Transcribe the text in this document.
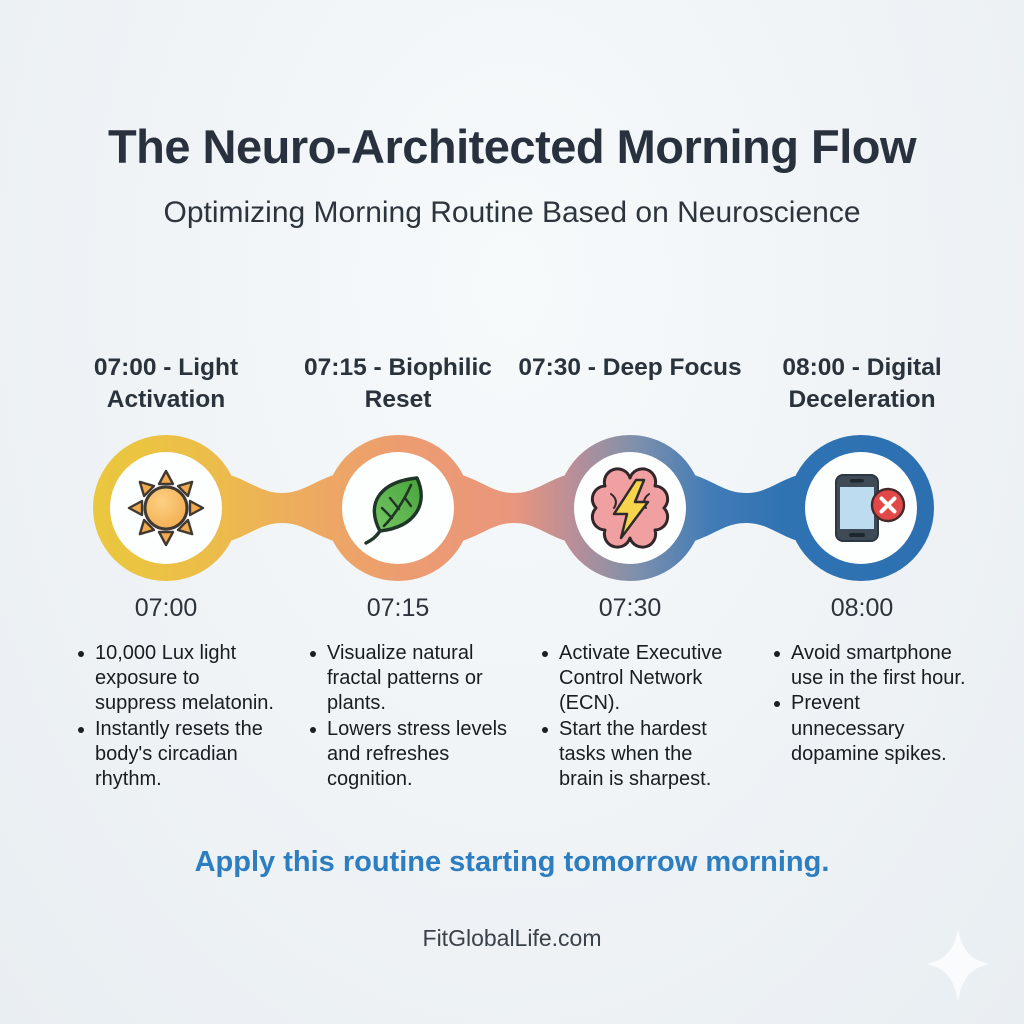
The Neuro-Architected Morning Flow
Optimizing Morning Routine Based on Neuroscience
07:00 - Light Activation
07:15 - Biophilic Reset
07:30 - Deep Focus	08:00 - Digital Deceleration
07:00	07:15	07:30	08:00
10,000 Lux light exposure to suppress melatonin.
Instantly resets the body's circadian rhythm.
Visualize natural fractal patterns or plants.
Lowers stress levels and refreshes cognition.
Activate Executive Control Network (ECN).
Start the hardest tasks when the brain is sharpest.
Avoid smartphone use in the first hour.
Prevent unnecessary dopamine spikes.
Apply this routine starting tomorrow morning.
FitGlobalLife.com
